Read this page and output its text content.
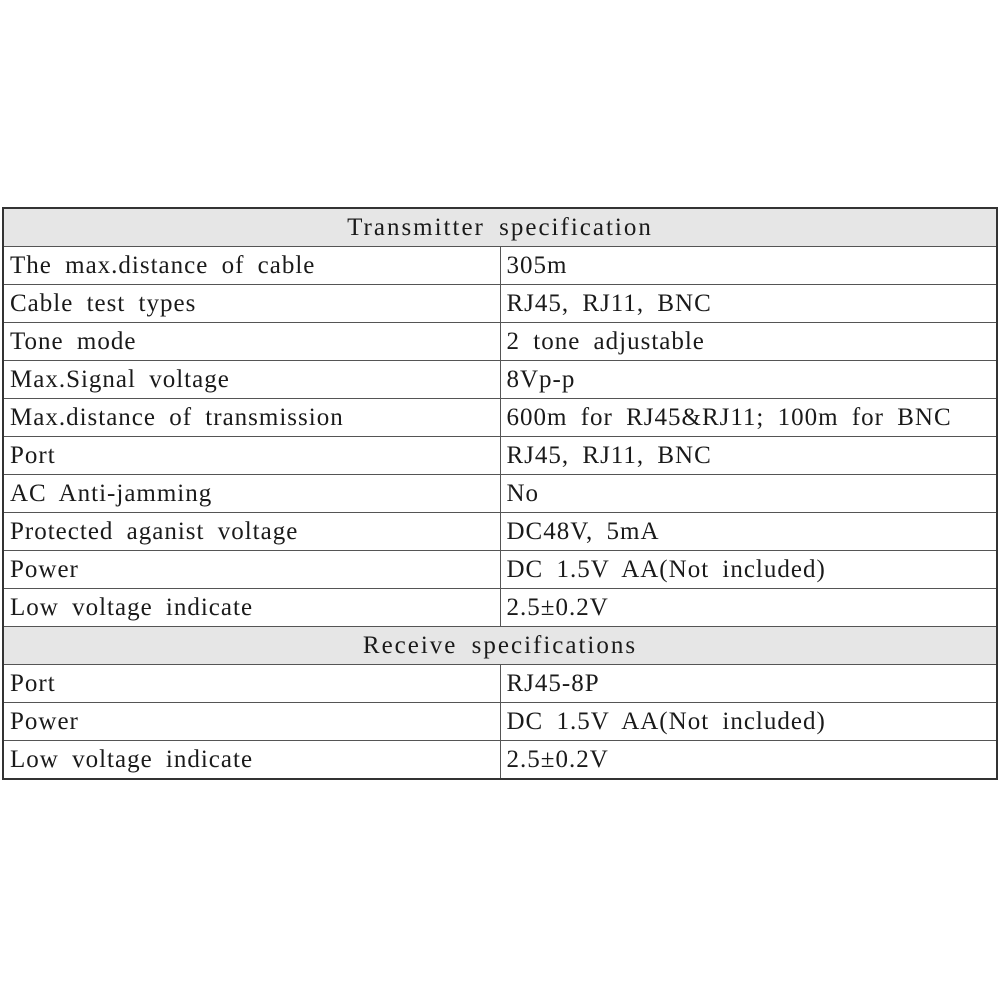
Transmitter specification	
The max.distance of cable	305m
Cable test types	RJ45, RJ11, BNC
Tone mode	2 tone adjustable
Max.Signal voltage	8Vp-p
Max.distance of transmission	600m for RJ45&RJ11; 100m for BNC
Port	RJ45, RJ11, BNC
AC Anti-jamming	No
Protected aganist voltage	DC48V, 5mA
Power	DC 1.5V AA(Not included)
Low voltage indicate	2.5±0.2V
Receive specifications	
Port	RJ45-8P
Power	DC 1.5V AA(Not included)
Low voltage indicate	2.5±0.2V
